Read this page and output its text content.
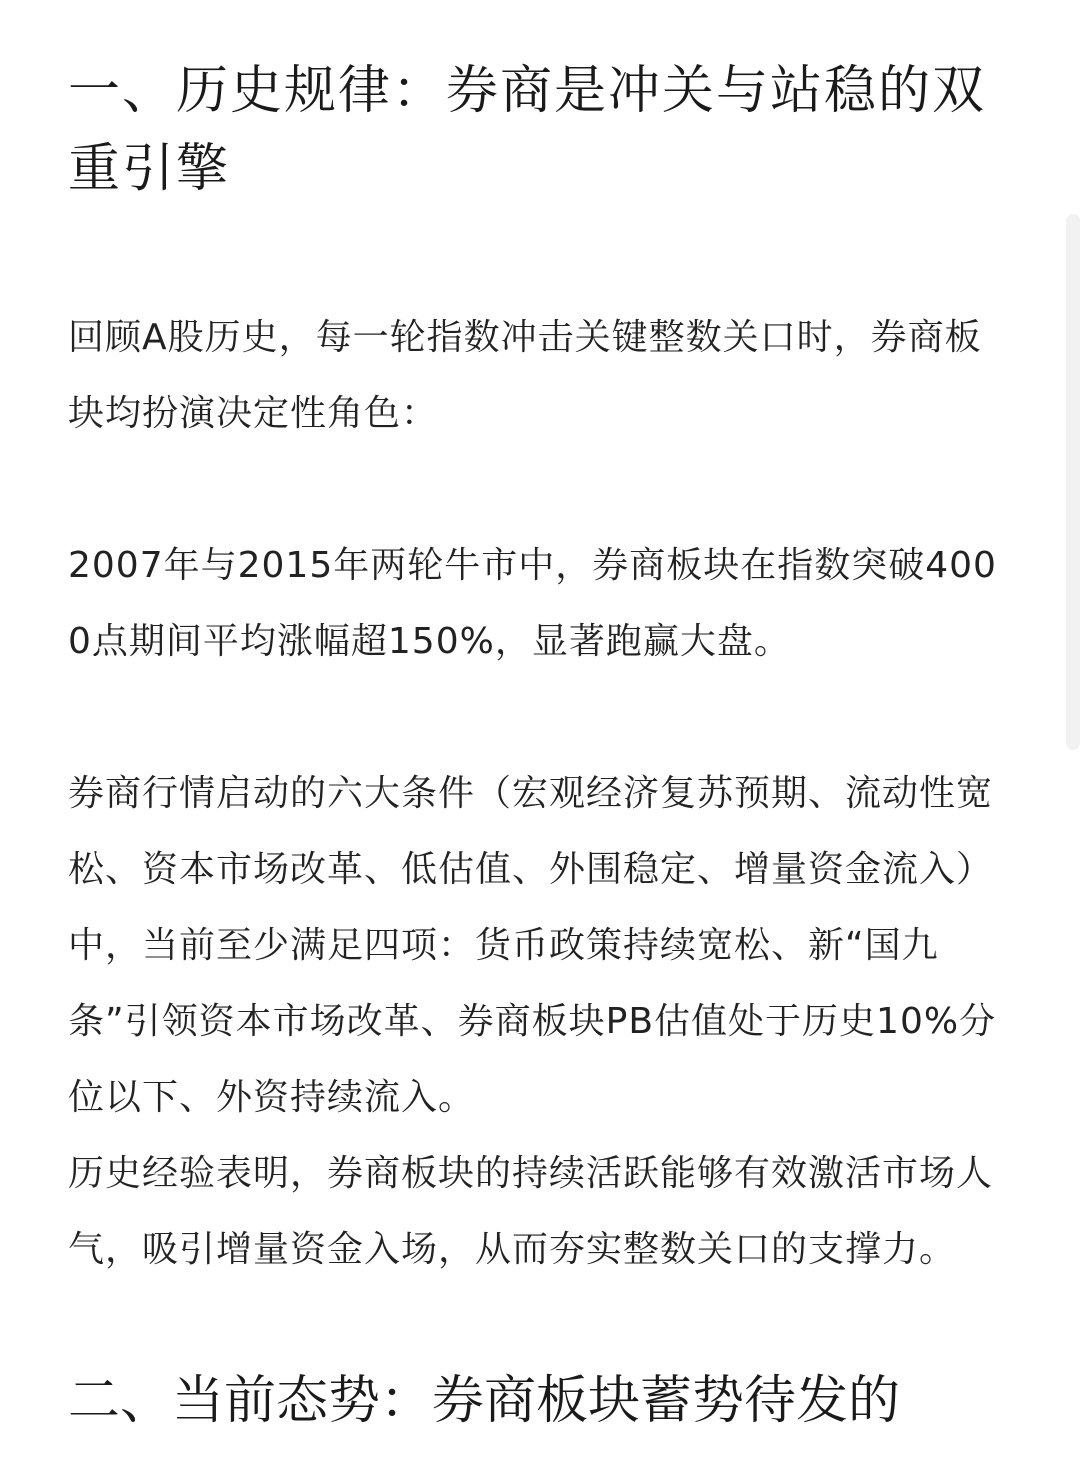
一、历史规律：券商是冲关与站稳的双重引擎

回顾A股历史，每一轮指数冲击关键整数关口时，券商板块均扮演决定性角色：

2007年与2015年两轮牛市中，券商板块在指数突破4000点期间平均涨幅超150%，显著跑赢大盘。

券商行情启动的六大条件（宏观经济复苏预期、流动性宽松、资本市场改革、低估值、外围稳定、增量资金流入）中，当前至少满足四项：货币政策持续宽松、新“国九条”引领资本市场改革、券商板块PB估值处于历史10%分位以下、外资持续流入。

历史经验表明，券商板块的持续活跃能够有效激活市场人气，吸引增量资金入场，从而夯实整数关口的支撑力。

二、当前态势：券商板块蓄势待发的
